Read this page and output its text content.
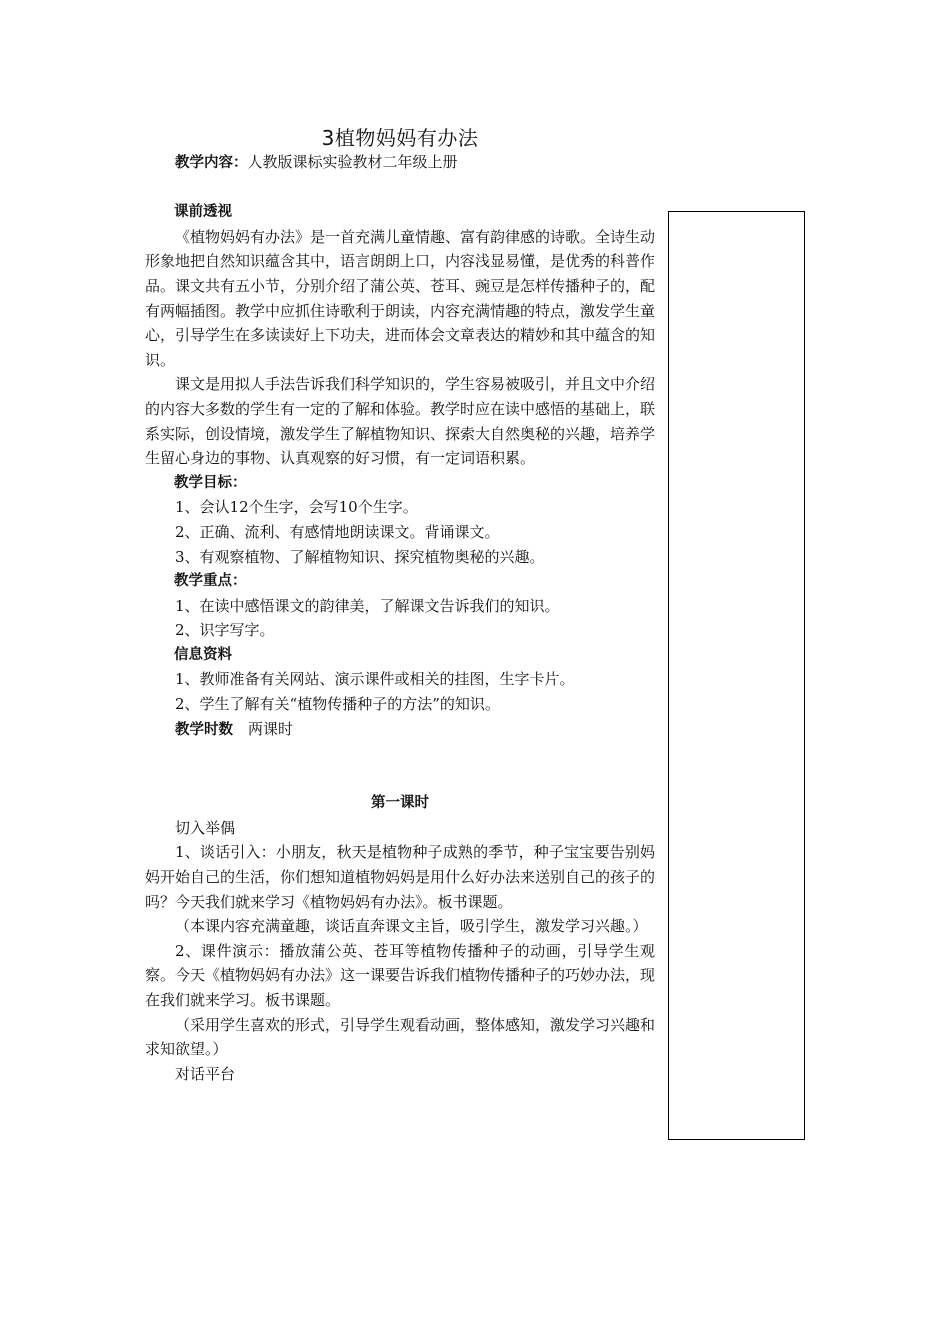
3植物妈妈有办法

教学内容：人教版课标实验教材二年级上册

课前透视

《植物妈妈有办法》是一首充满儿童情趣、富有韵律感的诗歌。全诗生动形象地把自然知识蕴含其中，语言朗朗上口，内容浅显易懂，是优秀的科普作品。课文共有五小节，分别介绍了蒲公英、苍耳、豌豆是怎样传播种子的，配有两幅插图。教学中应抓住诗歌利于朗读，内容充满情趣的特点，激发学生童心，引导学生在多读读好上下功夫，进而体会文章表达的精妙和其中蕴含的知识。

课文是用拟人手法告诉我们科学知识的，学生容易被吸引，并且文中介绍的内容大多数的学生有一定的了解和体验。教学时应在读中感悟的基础上，联系实际，创设情境，激发学生了解植物知识、探索大自然奥秘的兴趣，培养学生留心身边的事物、认真观察的好习惯，有一定词语积累。

教学目标：

1、会认12个生字，会写10个生字。

2、正确、流利、有感情地朗读课文。背诵课文。

3、有观察植物、了解植物知识、探究植物奥秘的兴趣。

教学重点：

1、在读中感悟课文的韵律美，了解课文告诉我们的知识。

2、识字写字。

信息资料

1、教师准备有关网站、演示课件或相关的挂图，生字卡片。

2、学生了解有关“植物传播种子的方法”的知识。

教学时数　 两课时

第一课时

切入举偶

1、谈话引入：小朋友，秋天是植物种子成熟的季节，种子宝宝要告别妈妈开始自己的生活，你们想知道植物妈妈是用什么好办法来送别自己的孩子的吗？今天我们就来学习《植物妈妈有办法》。板书课题。

（本课内容充满童趣，谈话直奔课文主旨，吸引学生，激发学习兴趣。）

2、课件演示：播放蒲公英、苍耳等植物传播种子的动画，引导学生观察。今天《植物妈妈有办法》这一课要告诉我们植物传播种子的巧妙办法，现在我们就来学习。板书课题。

（采用学生喜欢的形式，引导学生观看动画，整体感知，激发学习兴趣和求知欲望。）

对话平台
